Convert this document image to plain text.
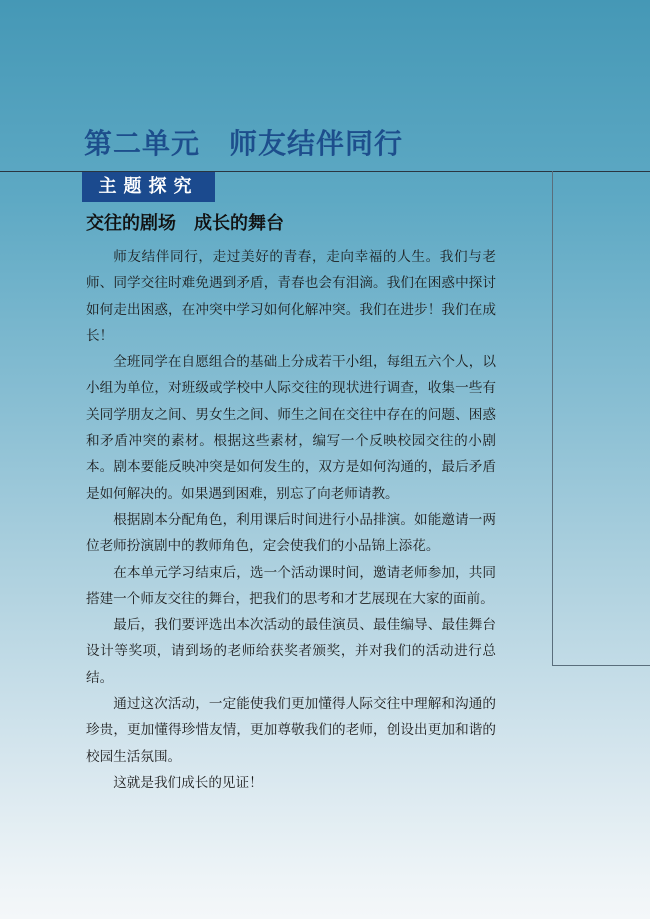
第二单元　师友结伴同行
主题探究
交往的剧场　成长的舞台

师友结伴同行，走过美好的青春，走向幸福的人生。我们与老师、同学交往时难免遇到矛盾，青春也会有泪滴。我们在困惑中探讨如何走出困惑，在冲突中学习如何化解冲突。我们在进步！我们在成长！

全班同学在自愿组合的基础上分成若干小组，每组五六个人，以小组为单位，对班级或学校中人际交往的现状进行调查，收集一些有关同学朋友之间、男女生之间、师生之间在交往中存在的问题、困惑和矛盾冲突的素材。根据这些素材，编写一个反映校园交往的小剧本。剧本要能反映冲突是如何发生的，双方是如何沟通的，最后矛盾是如何解决的。如果遇到困难，别忘了向老师请教。

根据剧本分配角色，利用课后时间进行小品排演。如能邀请一两位老师扮演剧中的教师角色，定会使我们的小品锦上添花。

在本单元学习结束后，选一个活动课时间，邀请老师参加，共同搭建一个师友交往的舞台，把我们的思考和才艺展现在大家的面前。

最后，我们要评选出本次活动的最佳演员、最佳编导、最佳舞台设计等奖项，请到场的老师给获奖者颁奖，并对我们的活动进行总结。

通过这次活动，一定能使我们更加懂得人际交往中理解和沟通的珍贵，更加懂得珍惜友情，更加尊敬我们的老师，创设出更加和谐的校园生活氛围。

这就是我们成长的见证！
